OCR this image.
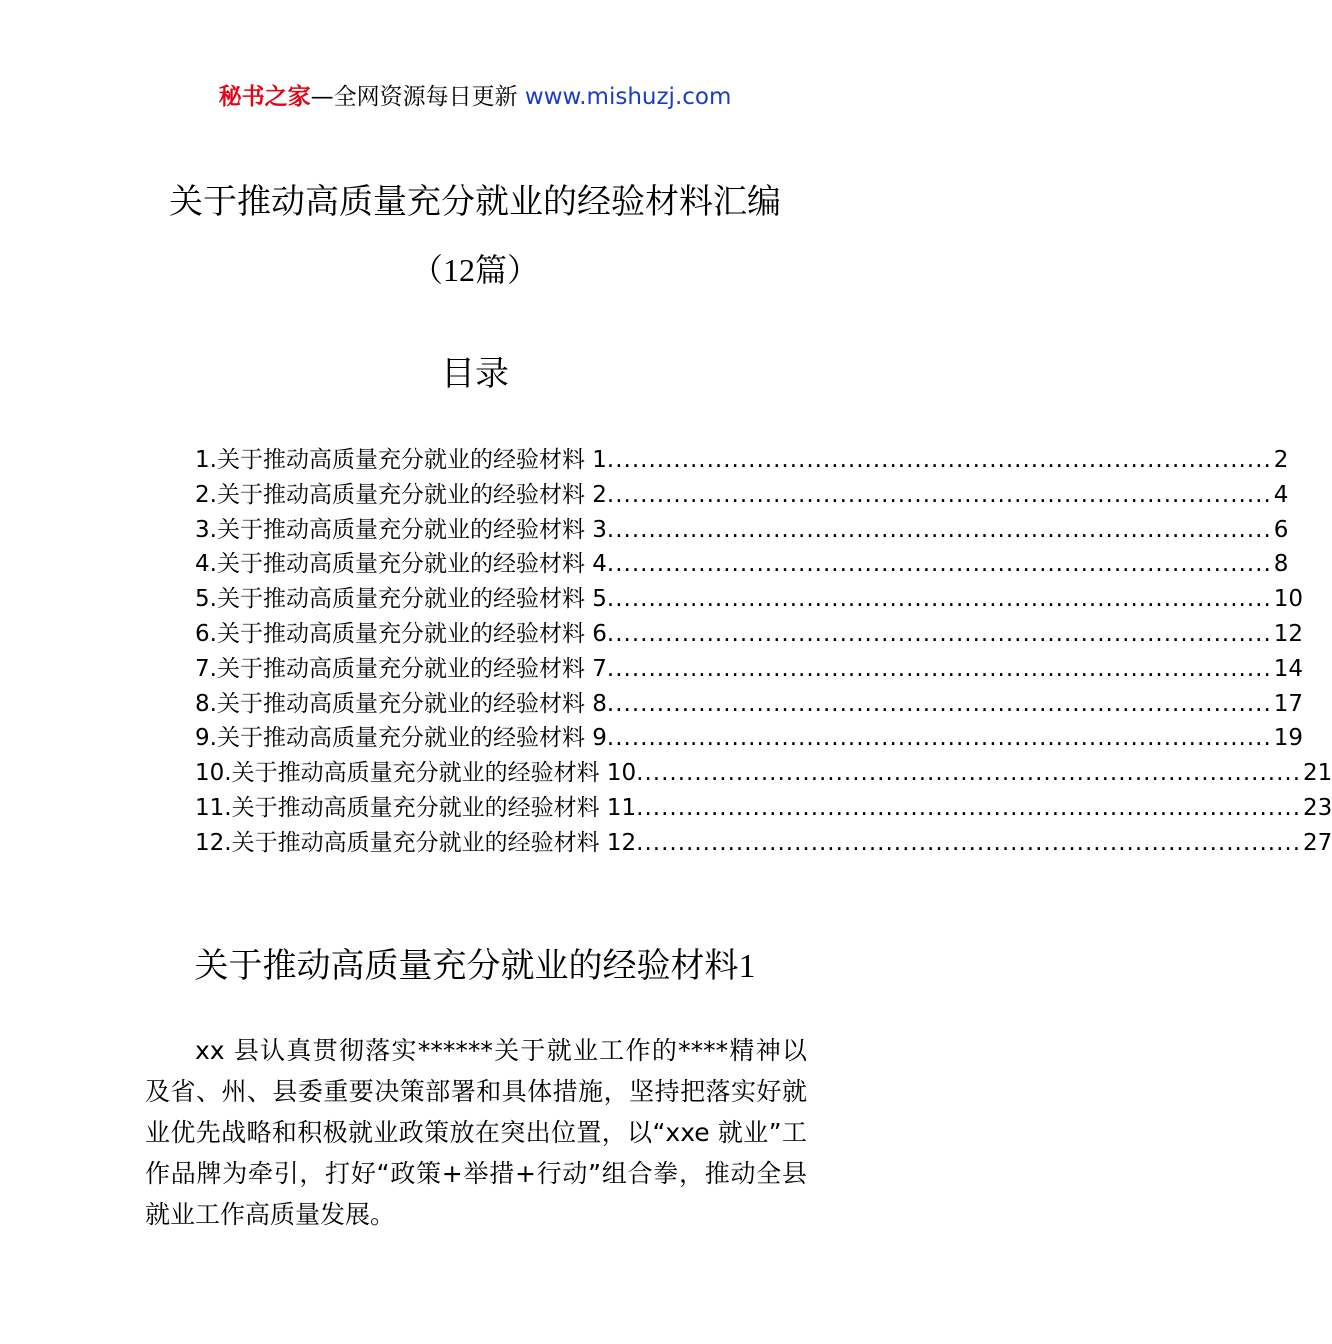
秘书之家—全网资源每日更新 www.mishuzj.com
关于推动高质量充分就业的经验材料汇编
（12篇）
目录
1.关于推动高质量充分就业的经验材料 1 ................................................................................ 2
2.关于推动高质量充分就业的经验材料 2 ................................................................................ 4
3.关于推动高质量充分就业的经验材料 3 ................................................................................ 6
4.关于推动高质量充分就业的经验材料 4 ................................................................................ 8
5.关于推动高质量充分就业的经验材料 5 ................................................................................ 10
6.关于推动高质量充分就业的经验材料 6 ................................................................................ 12
7.关于推动高质量充分就业的经验材料 7 ................................................................................ 14
8.关于推动高质量充分就业的经验材料 8 ................................................................................ 17
9.关于推动高质量充分就业的经验材料 9 ................................................................................ 19
10.关于推动高质量充分就业的经验材料 10 ................................................................................ 21
11.关于推动高质量充分就业的经验材料 11 ................................................................................ 23
12.关于推动高质量充分就业的经验材料 12 ................................................................................ 27
关于推动高质量充分就业的经验材料1

xx 县认真贯彻落实******关于就业工作的****精神以及省、州、县委重要决策部署和具体措施，坚持把落实好就业优先战略和积极就业政策放在突出位置，以“xxe 就业”工作品牌为牵引，打好“政策+举措+行动”组合拳，推动全县就业工作高质量发展。
